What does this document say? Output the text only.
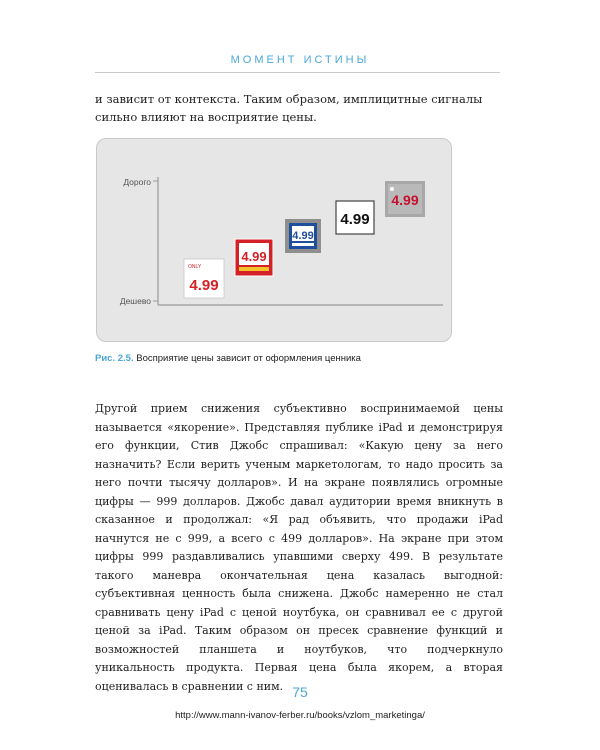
МОМЕНТ ИСТИНЫ
и зависит от контекста. Таким образом, имплицитные сигналы сильно влияют на восприятие цены.
Дорого
Дешево
ONLY
4.99
4.99
4.99
4.99
4.99
Рис. 2.5. Восприятие цены зависит от оформления ценника

Другой прием снижения субъективно воспринимаемой цены называется «якорение». Представляя публике iPad и демонстрируя его функции, Стив Джобс спрашивал: «Какую цену за него назначить? Если верить ученым маркетологам, то надо просить за него почти тысячу долларов». И на экране появлялись огромные цифры — 999 долларов. Джобс давал аудитории время вникнуть в сказанное и продолжал: «Я рад объявить, что продажи iPad начнутся не с 999, а всего с 499 долларов». На экране при этом цифры 999 раздавливались упавшими сверху 499. В результате такого маневра окончательная цена казалась выгодной: субъективная ценность была снижена. Джобс намеренно не стал сравнивать цену iPad с ценой ноутбука, он сравнивал ее с другой ценой за iPad. Таким образом он пресек сравнение функций и возможностей планшета и ноутбуков, что подчеркнуло уникальность продукта. Первая цена была якорем, а вторая оценивалась в сравнении с ним. 75
http://www.mann-ivanov-ferber.ru/books/vzlom_marketinga/
